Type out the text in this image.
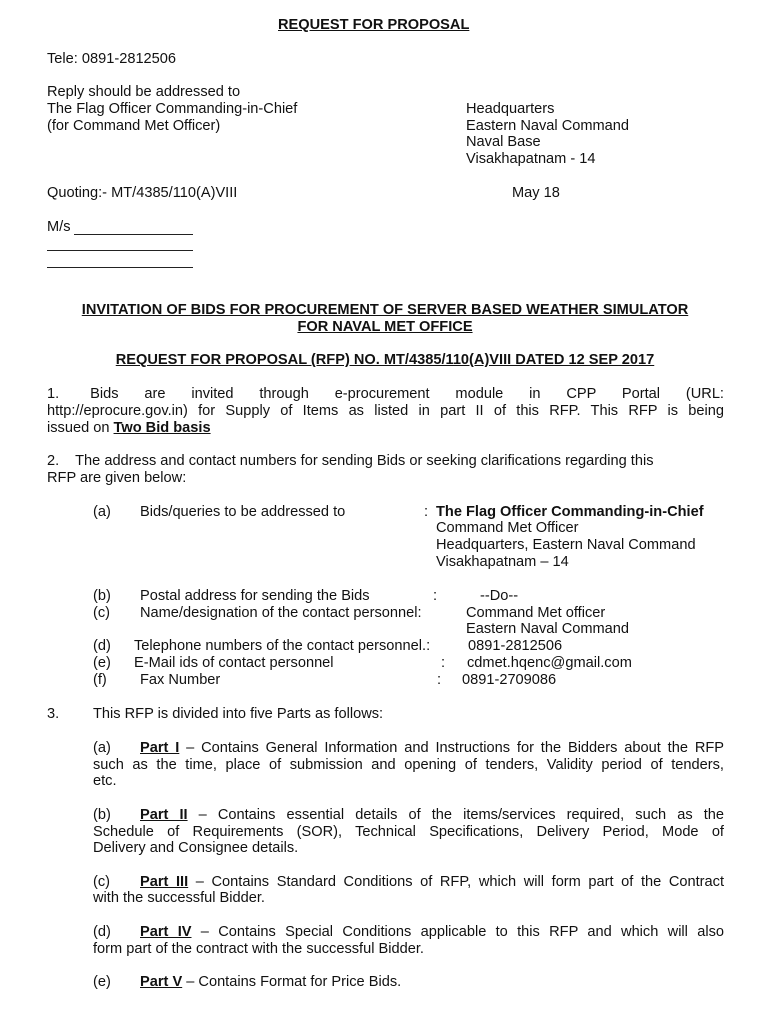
REQUEST FOR PROPOSAL
Tele: 0891-2812506
Reply should be addressed to
The Flag Officer Commanding-in-Chief
(for Command Met Officer)
Headquarters
Eastern Naval Command
Naval Base
Visakhapatnam - 14
Quoting:- MT/4385/110(A)VIII	May 18
M/s
INVITATION OF BIDS FOR PROCUREMENT OF SERVER BASED WEATHER SIMULATOR
FOR NAVAL MET OFFICE
REQUEST FOR PROPOSAL (RFP) NO. MT/4385/110(A)VIII DATED 12 SEP 2017
1.      Bids     are     invited     through     e-procurement     module     in     CPP     Portal     (URL:
http://eprocure.gov.in) for Supply of Items as listed in part II of this RFP. This RFP is being
issued on Two Bid basis
2.    The address and contact numbers for sending Bids or seeking clarifications regarding this
RFP are given below:
(a) Bids/queries to be addressed to	: The Flag Officer Commanding-in-Chief
Command Met Officer
Headquarters, Eastern Naval Command
Visakhapatnam – 14
(b) Postal address for sending the Bids	:	--Do--
(c) Name/designation of the contact personnel:	Command Met officer
Eastern Naval Command
(d) Telephone numbers of the contact personnel.:	0891-2812506
(e) E-Mail ids of contact personnel	: cdmet.hqenc@gmail.com
(f) Fax Number	: 0891-2709086
3. This RFP is divided into five Parts as follows:
(a) Part I – Contains General Information and Instructions for the Bidders about the RFP
such as the time, place of submission and opening of tenders, Validity period of tenders,
etc.
(b) Part II – Contains essential details of the items/services required, such as the
Schedule of Requirements (SOR), Technical Specifications, Delivery Period, Mode of
Delivery and Consignee details.
(c) Part III – Contains Standard Conditions of RFP, which will form part of the Contract
with the successful Bidder.
(d) Part IV – Contains Special Conditions applicable to this RFP and which will also
form part of the contract with the successful Bidder.
(e) Part V – Contains Format for Price Bids.
